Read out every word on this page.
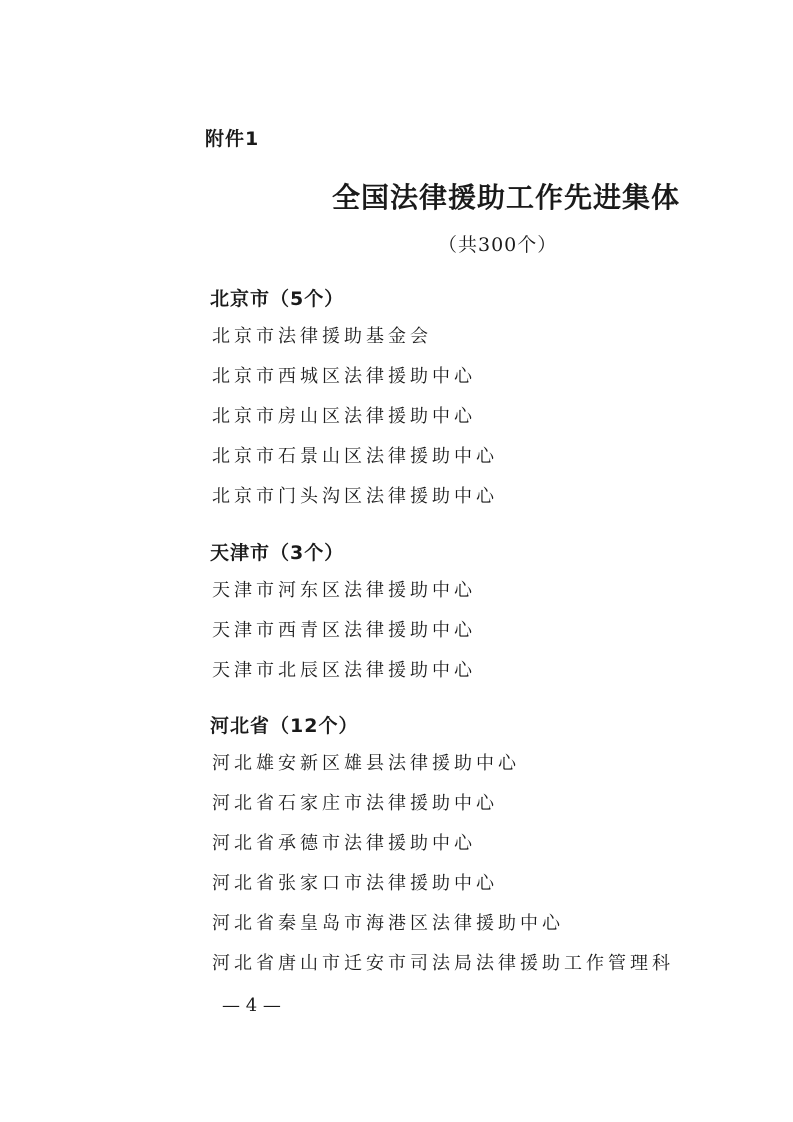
附件1

全国法律援助工作先进集体

（共300个）

北京市（5个）
北京市法律援助基金会
北京市西城区法律援助中心
北京市房山区法律援助中心
北京市石景山区法律援助中心
北京市门头沟区法律援助中心
天津市（3个）
天津市河东区法律援助中心
天津市西青区法律援助中心
天津市北辰区法律援助中心
河北省（12个）
河北雄安新区雄县法律援助中心
河北省石家庄市法律援助中心
河北省承德市法律援助中心
河北省张家口市法律援助中心
河北省秦皇岛市海港区法律援助中心
河北省唐山市迁安市司法局法律援助工作管理科

— 4 —
